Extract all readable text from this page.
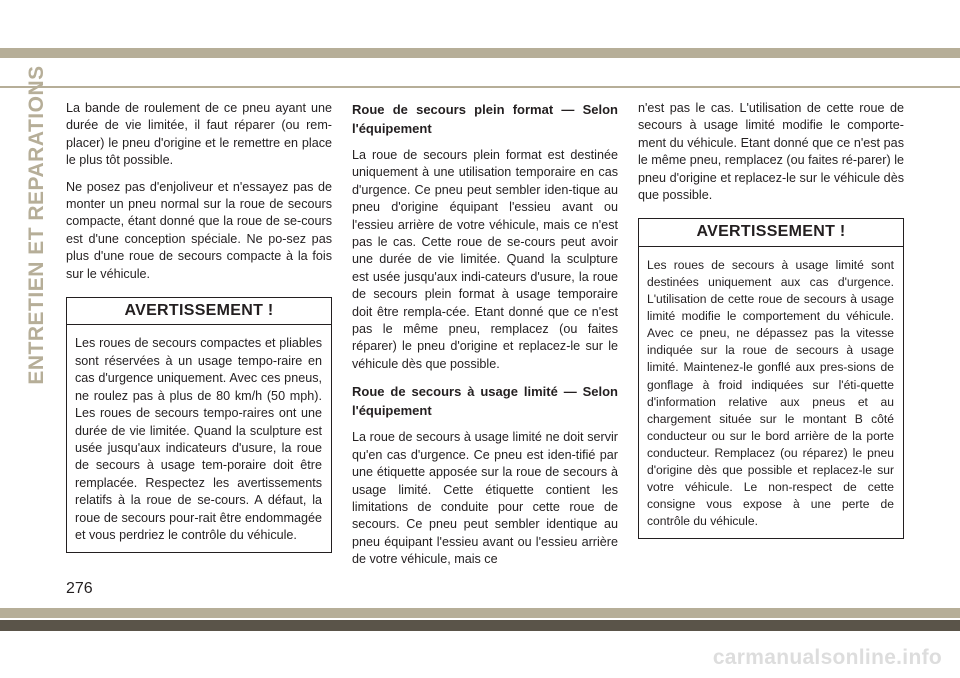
ENTRETIEN ET REPARATIONS La bande de roulement de ce pneu ayant une durée de vie limitée, il faut réparer (ou rem-placer) le pneu d'origine et le remettre en place le plus tôt possible.

Ne posez pas d'enjoliveur et n'essayez pas de monter un pneu normal sur la roue de secours compacte, étant donné que la roue de se-cours est d'une conception spéciale. Ne po-sez pas plus d'une roue de secours compacte à la fois sur le véhicule.

AVERTISSEMENT !
Les roues de secours compactes et pliables sont réservées à un usage tempo-raire en cas d'urgence uniquement. Avec ces pneus, ne roulez pas à plus de 80 km/h (50 mph). Les roues de secours tempo-raires ont une durée de vie limitée. Quand la sculpture est usée jusqu'aux indicateurs d'usure, la roue de secours à usage tem-poraire doit être remplacée. Respectez les avertissements relatifs à la roue de se-cours. A défaut, la roue de secours pour-rait être endommagée et vous perdriez le contrôle du véhicule.
Roue de secours plein format — Selon l'équipement

La roue de secours plein format est destinée uniquement à une utilisation temporaire en cas d'urgence. Ce pneu peut sembler iden-tique au pneu d'origine équipant l'essieu avant ou l'essieu arrière de votre véhicule, mais ce n'est pas le cas. Cette roue de se-cours peut avoir une durée de vie limitée. Quand la sculpture est usée jusqu'aux indi-cateurs d'usure, la roue de secours plein format à usage temporaire doit être rempla-cée. Etant donné que ce n'est pas le même pneu, remplacez (ou faites réparer) le pneu d'origine et replacez-le sur le véhicule dès que possible.

Roue de secours à usage limité — Selon l'équipement

La roue de secours à usage limité ne doit servir qu'en cas d'urgence. Ce pneu est iden-tifié par une étiquette apposée sur la roue de secours à usage limité. Cette étiquette contient les limitations de conduite pour cette roue de secours. Ce pneu peut sembler identique au pneu équipant l'essieu avant ou l'essieu arrière de votre véhicule, mais ce

n'est pas le cas. L'utilisation de cette roue de secours à usage limité modifie le comporte-ment du véhicule. Etant donné que ce n'est pas le même pneu, remplacez (ou faites ré-parer) le pneu d'origine et replacez-le sur le véhicule dès que possible.

AVERTISSEMENT !
Les roues de secours à usage limité sont destinées uniquement aux cas d'urgence. L'utilisation de cette roue de secours à usage limité modifie le comportement du véhicule. Avec ce pneu, ne dépassez pas la vitesse indiquée sur la roue de secours à usage limité. Maintenez-le gonflé aux pres-sions de gonflage à froid indiquées sur l'éti-quette d'information relative aux pneus et au chargement située sur le montant B côté conducteur ou sur le bord arrière de la porte conducteur. Remplacez (ou réparez) le pneu d'origine dès que possible et replacez-le sur votre véhicule. Le non-respect de cette consigne vous expose à une perte de contrôle du véhicule.
276
carmanualsonline.info
